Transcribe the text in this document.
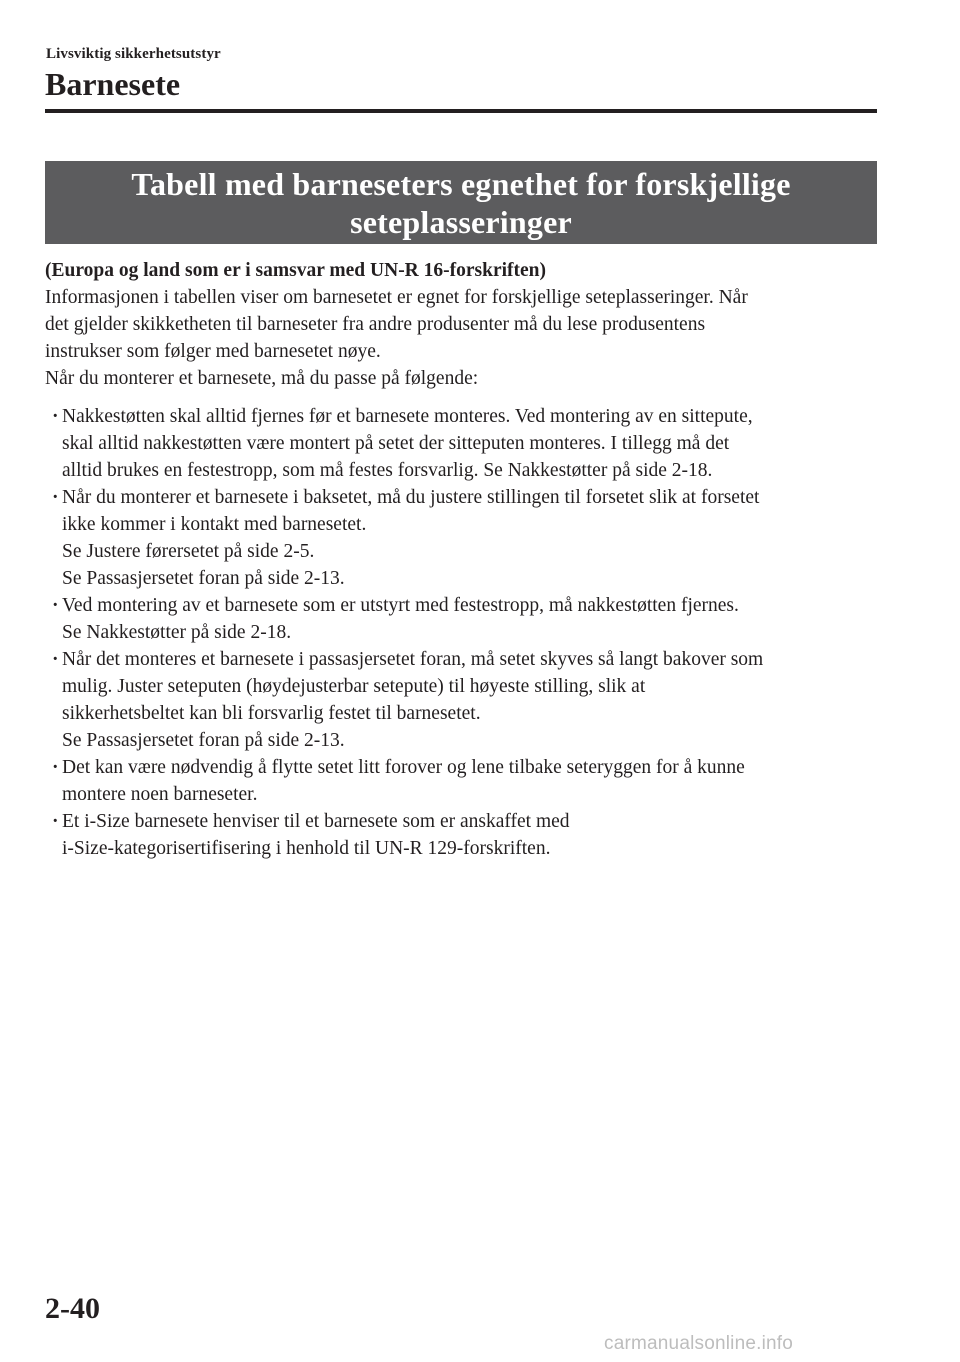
Livsviktig sikkerhetsutstyr
Barnesete
Tabell med barneseters egnethet for forskjellige
seteplasseringer

(Europa og land som er i samsvar med UN-R 16-forskriften)

Informasjonen i tabellen viser om barnesetet er egnet for forskjellige seteplasseringer. Når

det gjelder skikketheten til barneseter fra andre produsenter må du lese produsentens

instrukser som følger med barnesetet nøye.

Når du monterer et barnesete, må du passe på følgende:

· Nakkestøtten skal alltid fjernes før et barnesete monteres. Ved montering av en sittepute,
skal alltid nakkestøtten være montert på setet der sitteputen monteres. I tillegg må det
alltid brukes en festestropp, som må festes forsvarlig. Se Nakkestøtter på side 2-18.
· Når du monterer et barnesete i baksetet, må du justere stillingen til forsetet slik at forsetet
ikke kommer i kontakt med barnesetet.
Se Justere førersetet på side 2-5.
Se Passasjersetet foran på side 2-13.
· Ved montering av et barnesete som er utstyrt med festestropp, må nakkestøtten fjernes.
Se Nakkestøtter på side 2-18.
· Når det monteres et barnesete i passasjersetet foran, må setet skyves så langt bakover som
mulig. Juster seteputen (høydejusterbar setepute) til høyeste stilling, slik at
sikkerhetsbeltet kan bli forsvarlig festet til barnesetet.
Se Passasjersetet foran på side 2-13.
· Det kan være nødvendig å flytte setet litt forover og lene tilbake seteryggen for å kunne
montere noen barneseter.
· Et i-Size barnesete henviser til et barnesete som er anskaffet med
i-Size-kategorisertifisering i henhold til UN-R 129-forskriften.
2-40
carmanualsonline.info
